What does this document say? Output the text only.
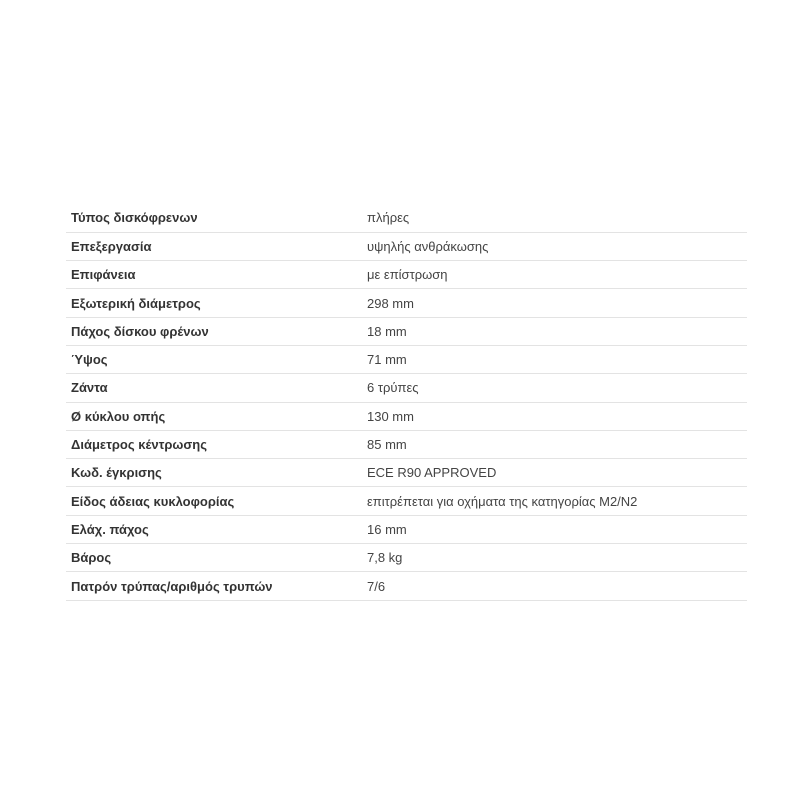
Τύπος δισκόφρενων	πλήρες
Επεξεργασία	υψηλής ανθράκωσης
Επιφάνεια	με επίστρωση
Εξωτερική διάμετρος	298 mm
Πάχος δίσκου φρένων	18 mm
Ύψος	71 mm
Ζάντα	6 τρύπες
Ø κύκλου οπής	130 mm
Διάμετρος κέντρωσης	85 mm
Κωδ. έγκρισης	ECE R90 APPROVED
Είδος άδειας κυκλοφορίας	επιτρέπεται για οχήματα της κατηγορίας M2/N2
Ελάχ. πάχος	16 mm
Βάρος	7,8 kg
Πατρόν τρύπας/αριθμός τρυπών	7/6
